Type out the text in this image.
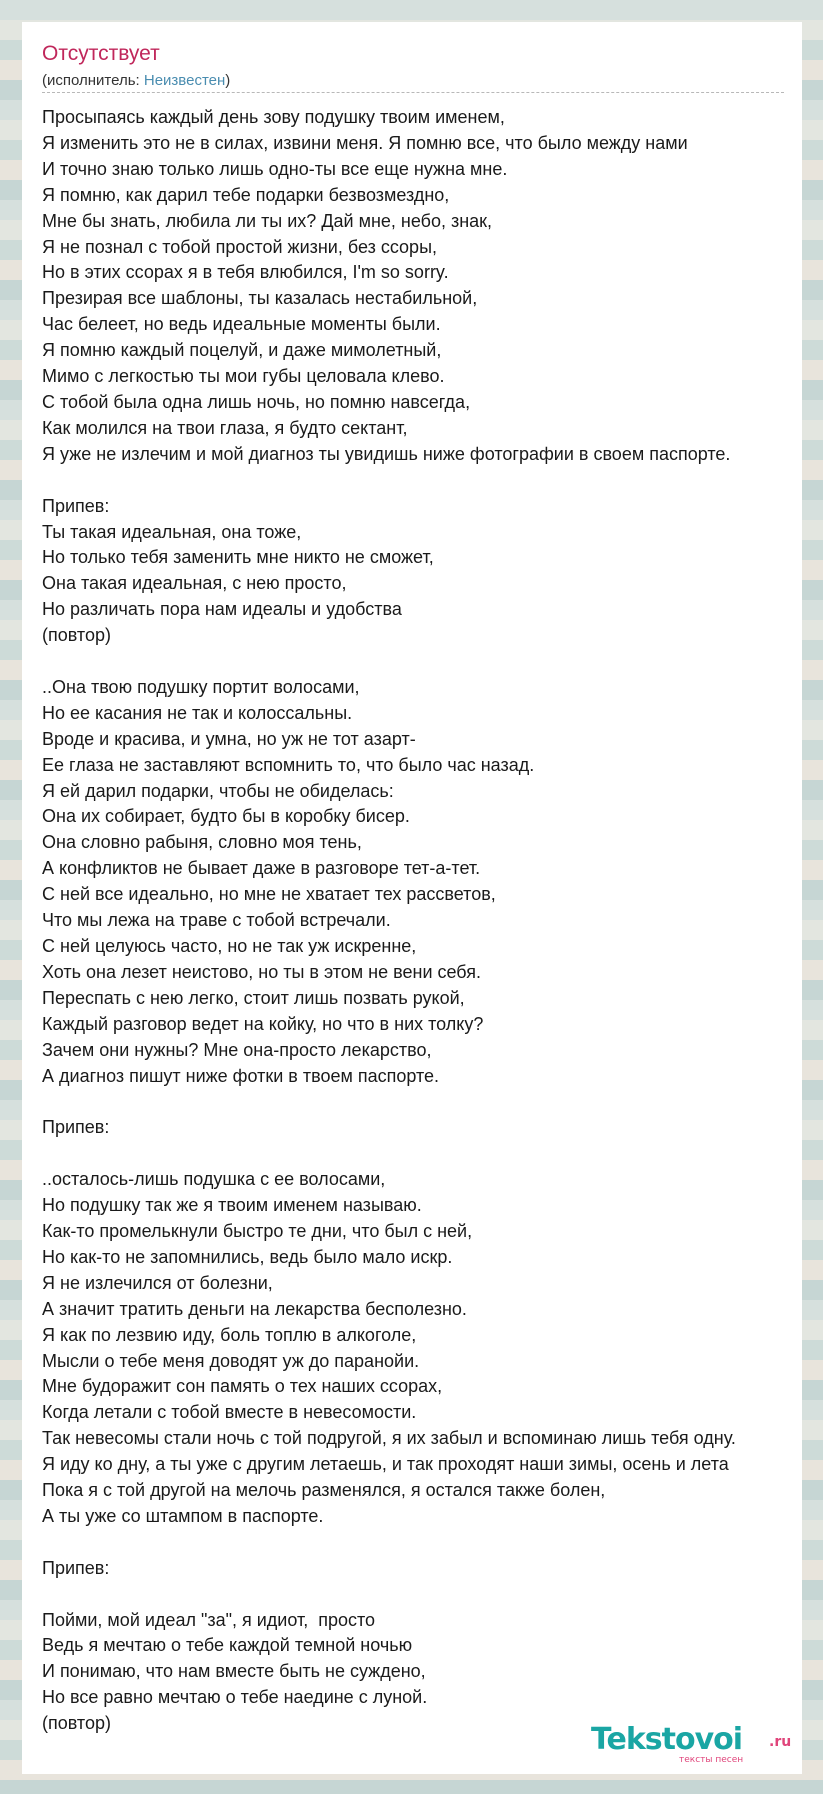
Отсутствует
(исполнитель: Неизвестен)
Просыпаясь каждый день зову подушку твоим именем,
Я изменить это не в силах, извини меня. Я помню все, что было между нами
И точно знаю только лишь одно-ты все еще нужна мне.
Я помню, как дарил тебе подарки безвозмездно,
Мне бы знать, любила ли ты их? Дай мне, небо, знак,
Я не познал с тобой простой жизни, без ссоры,
Но в этих ссорах я в тебя влюбился, I'm so sorry.
Презирая все шаблоны, ты казалась нестабильной,
Час белеет, но ведь идеальные моменты были.
Я помню каждый поцелуй, и даже мимолетный,
Мимо с легкостью ты мои губы целовала клево.
С тобой была одна лишь ночь, но помню навсегда,
Как молился на твои глаза, я будто сектант,
Я уже не излечим и мой диагноз ты увидишь ниже фотографии в своем паспорте.

Припев:
Ты такая идеальная, она тоже,
Но только тебя заменить мне никто не сможет,
Она такая идеальная, с нею просто,
Но различать пора нам идеалы и удобства
(повтор)

..Она твою подушку портит волосами,
Но ее касания не так и колоссальны.
Вроде и красива, и умна, но уж не тот азарт-
Ее глаза не заставляют вспомнить то, что было час назад.
Я ей дарил подарки, чтобы не обиделась:
Она их собирает, будто бы в коробку бисер.
Она словно рабыня, словно моя тень,
А конфликтов не бывает даже в разговоре тет-а-тет.
С ней все идеально, но мне не хватает тех рассветов,
Что мы лежа на траве с тобой встречали.
С ней целуюсь часто, но не так уж искренне,
Хоть она лезет неистово, но ты в этом не вени себя.
Переспать с нею легко, стоит лишь позвать рукой,
Каждый разговор ведет на койку, но что в них толку?
Зачем они нужны? Мне она-просто лекарство,
А диагноз пишут ниже фотки в твоем паспорте.

Припев:

..осталось-лишь подушка с ее волосами,
Но подушку так же я твоим именем называю.
Как-то промелькнули быстро те дни, что был с ней,
Но как-то не запомнились, ведь было мало искр.
Я не излечился от болезни,
А значит тратить деньги на лекарства бесполезно.
Я как по лезвию иду, боль топлю в алкоголе,
Мысли о тебе меня доводят уж до паранойи.
Мне будоражит сон память о тех наших ссорах,
Когда летали с тобой вместе в невесомости.
Так невесомы стали ночь с той подругой, я их забыл и вспоминаю лишь тебя одну.
Я иду ко дну, а ты уже с другим летаешь, и так проходят наши зимы, осень и лета
Пока я с той другой на мелочь разменялся, я остался также болен,
А ты уже со штампом в паспорте.

Припев:

Пойми, мой идеал "за", я идиот,  просто
Ведь я мечтаю о тебе каждой темной ночью
И понимаю, что нам вместе быть не суждено,
Но все равно мечтаю о тебе наедине с луной.
(повтор)	Tekstovoi .ru
тексты песен
